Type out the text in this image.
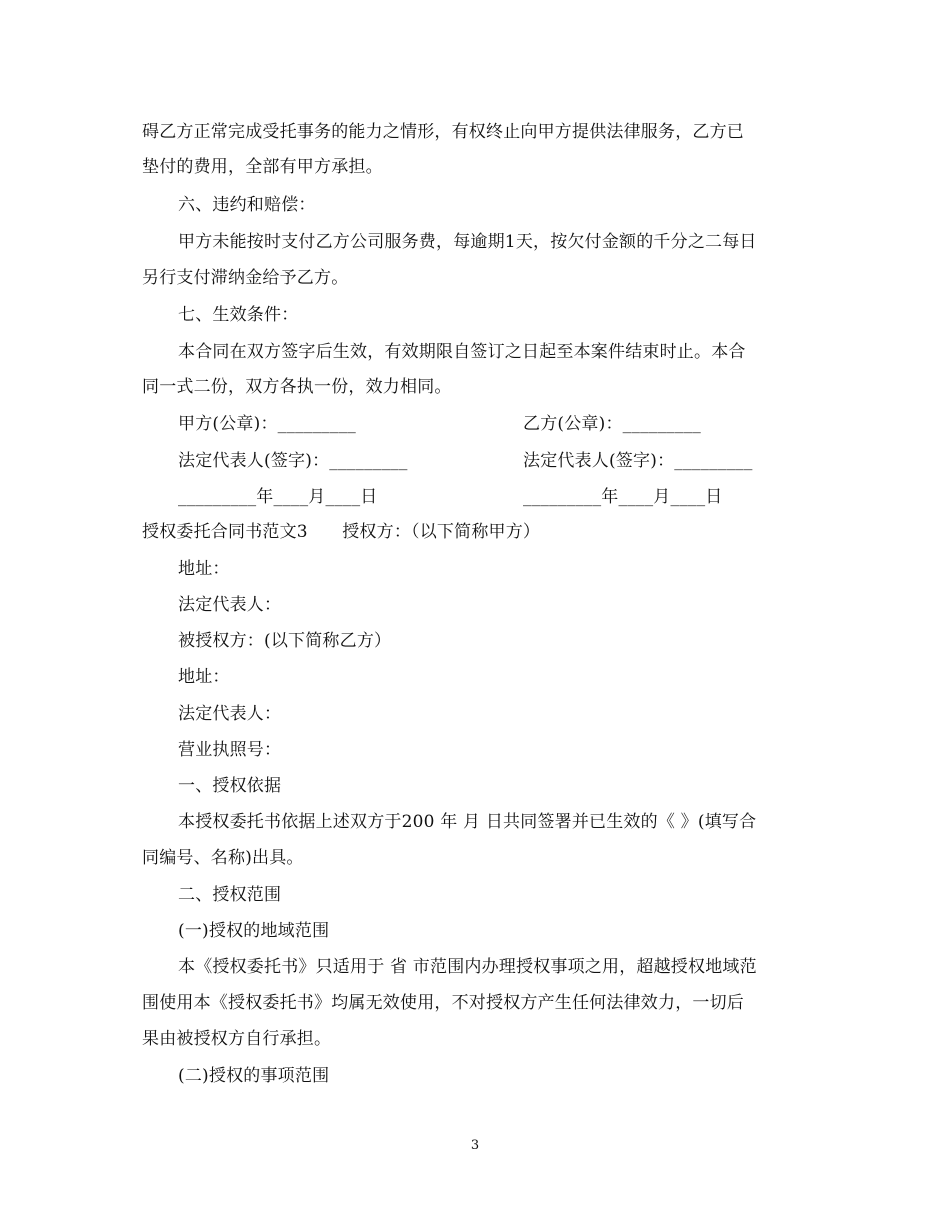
碍乙方正常完成受托事务的能力之情形，有权终止向甲方提供法律服务，乙方已
垫付的费用，全部有甲方承担。
六、违约和赔偿：
甲方未能按时支付乙方公司服务费，每逾期1天，按欠付金额的千分之二每日
另行支付滞纳金给予乙方。
七、生效条件：
本合同在双方签字后生效，有效期限自签订之日起至本案件结束时止。本合
同一式二份，双方各执一份，效力相同。
甲方(公章)：_________	乙方(公章)：_________
法定代表人(签字)：_________	法定代表人(签字)：_________
_________年____月____日	_________年____月____日
授权委托合同书范文3　　授权方：（以下简称甲方）
地址：
法定代表人：
被授权方：(以下简称乙方）
地址：
法定代表人：
营业执照号：
一、授权依据
本授权委托书依据上述双方于200 年 月 日共同签署并已生效的《 》(填写合
同编号、名称)出具。
二、授权范围
(一)授权的地域范围
本《授权委托书》只适用于 省 市范围内办理授权事项之用，超越授权地域范
围使用本《授权委托书》均属无效使用，不对授权方产生任何法律效力，一切后
果由被授权方自行承担。
(二)授权的事项范围
3
